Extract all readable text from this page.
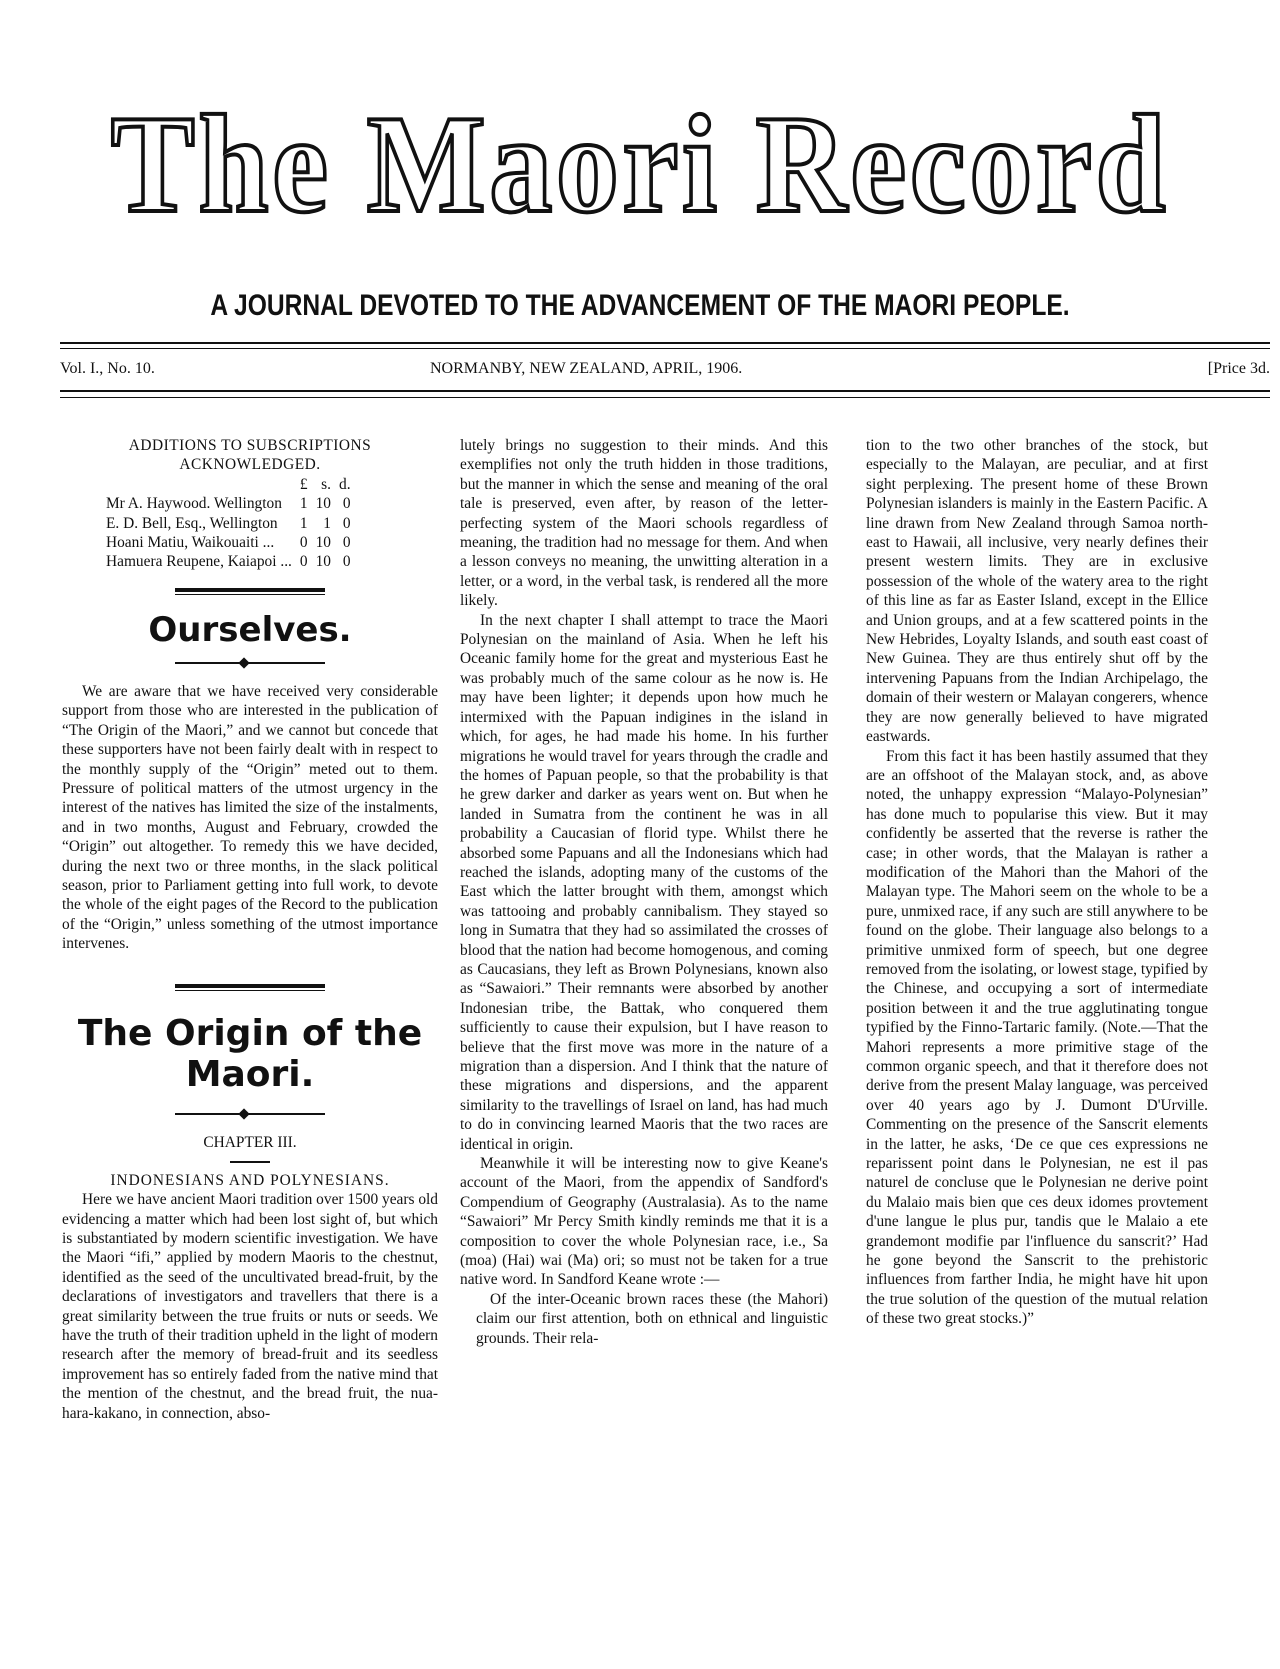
The Maori Record
A JOURNAL DEVOTED TO THE ADVANCEMENT OF THE MAORI PEOPLE.
Vol. I., No. 10.	NORMANBY, NEW ZEALAND, APRIL, 1906.	[Price 3d.
ADDITIONS TO SUBSCRIPTIONS ACKNOWLEDGED.
	£	s.	d.
Mr A. Haywood. Wellington	1	10	0
E. D. Bell, Esq., Wellington	1	1	0
Hoani Matiu, Waikouaiti ...	0	10	0
Hamuera Reupene, Kaiapoi ...	0	10	0
Ourselves.

We are aware that we have received very considerable support from those who are interested in the publication of “The Origin of the Maori,” and we cannot but concede that these supporters have not been fairly dealt with in respect to the monthly supply of the “Origin” meted out to them. Pressure of political matters of the utmost urgency in the interest of the natives has limited the size of the instalments, and in two months, August and February, crowded the “Origin” out altogether. To remedy this we have decided, during the next two or three months, in the slack political season, prior to Parliament getting into full work, to devote the whole of the eight pages of the Record to the publication of the “Origin,” unless something of the utmost importance intervenes.

The Origin of the Maori.

CHAPTER III.

INDONESIANS AND POLYNESIANS.

Here we have ancient Maori tradition over 1500 years old evidencing a matter which had been lost sight of, but which is substantiated by modern scientific investigation. We have the Maori “ifi,” applied by modern Maoris to the chestnut, identified as the seed of the uncultivated bread-fruit, by the declarations of investigators and travellers that there is a great similarity between the true fruits or nuts or seeds. We have the truth of their tradition upheld in the light of modern research after the memory of bread-fruit and its seedless improvement has so entirely faded from the native mind that the mention of the chestnut, and the bread fruit, the nua-hara-kakano, in connection, abso-

lutely brings no suggestion to their minds. And this exemplifies not only the truth hidden in those traditions, but the manner in which the sense and meaning of the oral tale is preserved, even after, by reason of the letter-perfecting system of the Maori schools regardless of meaning, the tradition had no message for them. And when a lesson conveys no meaning, the unwitting alteration in a letter, or a word, in the verbal task, is rendered all the more likely.

In the next chapter I shall attempt to trace the Maori Polynesian on the mainland of Asia. When he left his Oceanic family home for the great and mysterious East he was probably much of the same colour as he now is. He may have been lighter; it depends upon how much he intermixed with the Papuan indigines in the island in which, for ages, he had made his home. In his further migrations he would travel for years through the cradle and the homes of Papuan people, so that the probability is that he grew darker and darker as years went on. But when he landed in Sumatra from the continent he was in all probability a Caucasian of florid type. Whilst there he absorbed some Papuans and all the Indonesians which had reached the islands, adopting many of the customs of the East which the latter brought with them, amongst which was tattooing and probably cannibalism. They stayed so long in Sumatra that they had so assimilated the crosses of blood that the nation had become homogenous, and coming as Caucasians, they left as Brown Polynesians, known also as “Sawaiori.” Their remnants were absorbed by another Indonesian tribe, the Battak, who conquered them sufficiently to cause their expulsion, but I have reason to believe that the first move was more in the nature of a migration than a dispersion. And I think that the nature of these migrations and dispersions, and the apparent similarity to the travellings of Israel on land, has had much to do in convincing learned Maoris that the two races are identical in origin.

Meanwhile it will be interesting now to give Keane's account of the Maori, from the appendix of Sandford's Compendium of Geography (Australasia). As to the name “Sawaiori” Mr Percy Smith kindly reminds me that it is a composition to cover the whole Polynesian race, i.e., Sa (moa) (Hai) wai (Ma) ori; so must not be taken for a true native word. In Sandford Keane wrote :—

Of the inter-Oceanic brown races these (the Mahori) claim our first attention, both on ethnical and linguistic grounds. Their rela-

tion to the two other branches of the stock, but especially to the Malayan, are peculiar, and at first sight perplexing. The present home of these Brown Polynesian islanders is mainly in the Eastern Pacific. A line drawn from New Zealand through Samoa north-east to Hawaii, all inclusive, very nearly defines their present western limits. They are in exclusive possession of the whole of the watery area to the right of this line as far as Easter Island, except in the Ellice and Union groups, and at a few scattered points in the New Hebrides, Loyalty Islands, and south east coast of New Guinea. They are thus entirely shut off by the intervening Papuans from the Indian Archipelago, the domain of their western or Malayan congerers, whence they are now generally believed to have migrated eastwards.

From this fact it has been hastily assumed that they are an offshoot of the Malayan stock, and, as above noted, the unhappy expression “Malayo-Polynesian” has done much to popularise this view. But it may confidently be asserted that the reverse is rather the case; in other words, that the Malayan is rather a modification of the Mahori than the Mahori of the Malayan type. The Mahori seem on the whole to be a pure, unmixed race, if any such are still anywhere to be found on the globe. Their language also belongs to a primitive unmixed form of speech, but one degree removed from the isolating, or lowest stage, typified by the Chinese, and occupying a sort of intermediate position between it and the true agglutinating tongue typified by the Finno-Tartaric family. (Note.—That the Mahori represents a more primitive stage of the common organic speech, and that it therefore does not derive from the present Malay language, was perceived over 40 years ago by J. Dumont D'Urville. Commenting on the presence of the Sanscrit elements in the latter, he asks, ‘De ce que ces expressions ne reparissent point dans le Polynesian, ne est il pas naturel de concluse que le Polynesian ne derive point du Malaio mais bien que ces deux idomes provtement d'une langue le plus pur, tandis que le Malaio a ete grandemont modifie par l'influence du sanscrit?’ Had he gone beyond the Sanscrit to the prehistoric influences from farther India, he might have hit upon the true solution of the question of the mutual relation of these two great stocks.)”
